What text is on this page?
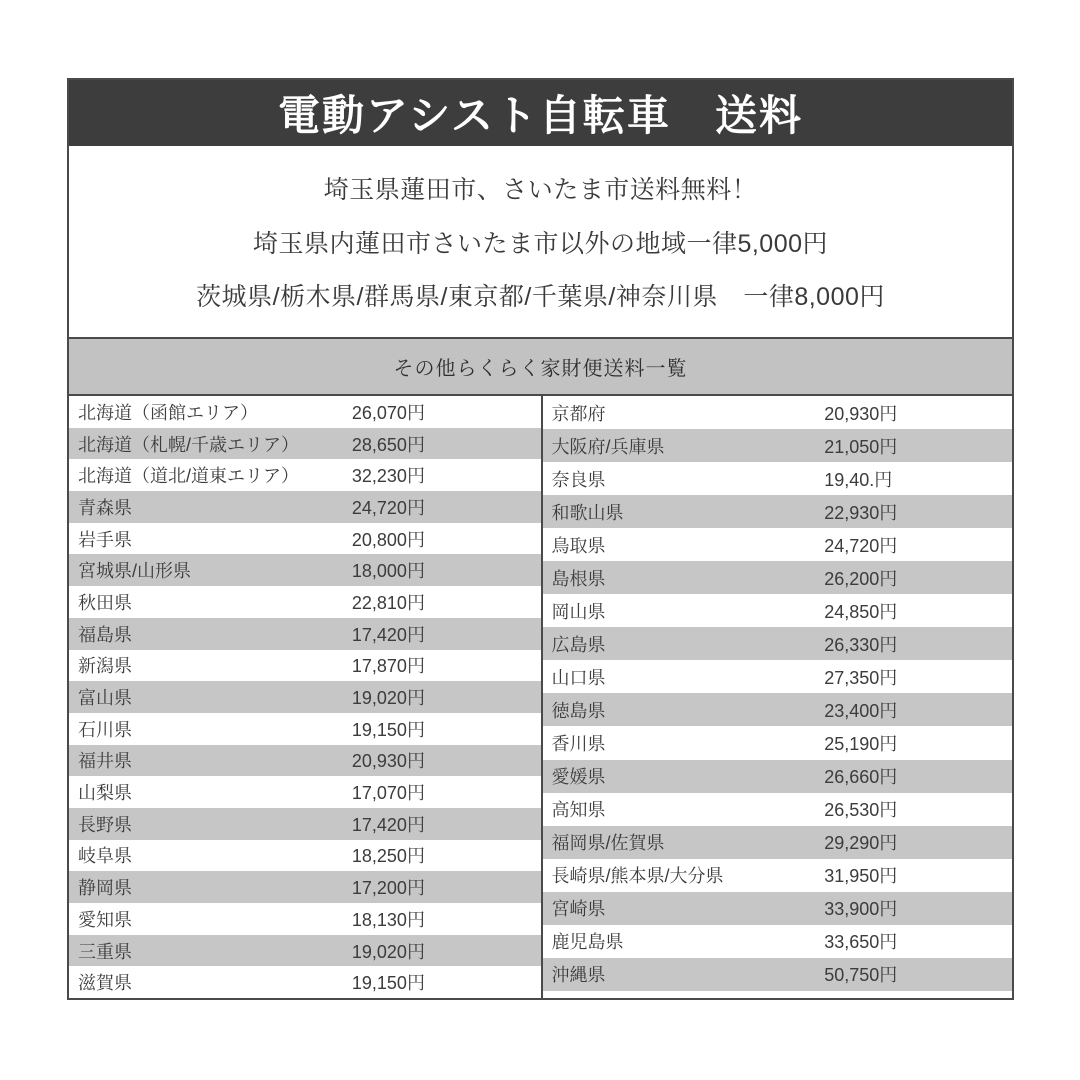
電動アシスト自転車　送料
埼玉県蓮田市、さいたま市送料無料！
埼玉県内蓮田市さいたま市以外の地域一律5,000円
茨城県/栃木県/群馬県/東京都/千葉県/神奈川県　一律8,000円
その他らくらく家財便送料一覧
北海道（函館エリア）	26,070円
北海道（札幌/千歳エリア）	28,650円
北海道（道北/道東エリア）	32,230円
青森県	24,720円
岩手県	20,800円
宮城県/山形県	18,000円
秋田県	22,810円
福島県	17,420円
新潟県	17,870円
富山県	19,020円
石川県	19,150円
福井県	20,930円
山梨県	17,070円
長野県	17,420円
岐阜県	18,250円
静岡県	17,200円
愛知県	18,130円
三重県	19,020円
滋賀県	19,150円
京都府	20,930円
大阪府/兵庫県	21,050円
奈良県	19,40.円
和歌山県	22,930円
鳥取県	24,720円
島根県	26,200円
岡山県	24,850円
広島県	26,330円
山口県	27,350円
徳島県	23,400円
香川県	25,190円
愛媛県	26,660円
高知県	26,530円
福岡県/佐賀県	29,290円
長崎県/熊本県/大分県	31,950円
宮崎県	33,900円
鹿児島県	33,650円
沖縄県	50,750円
